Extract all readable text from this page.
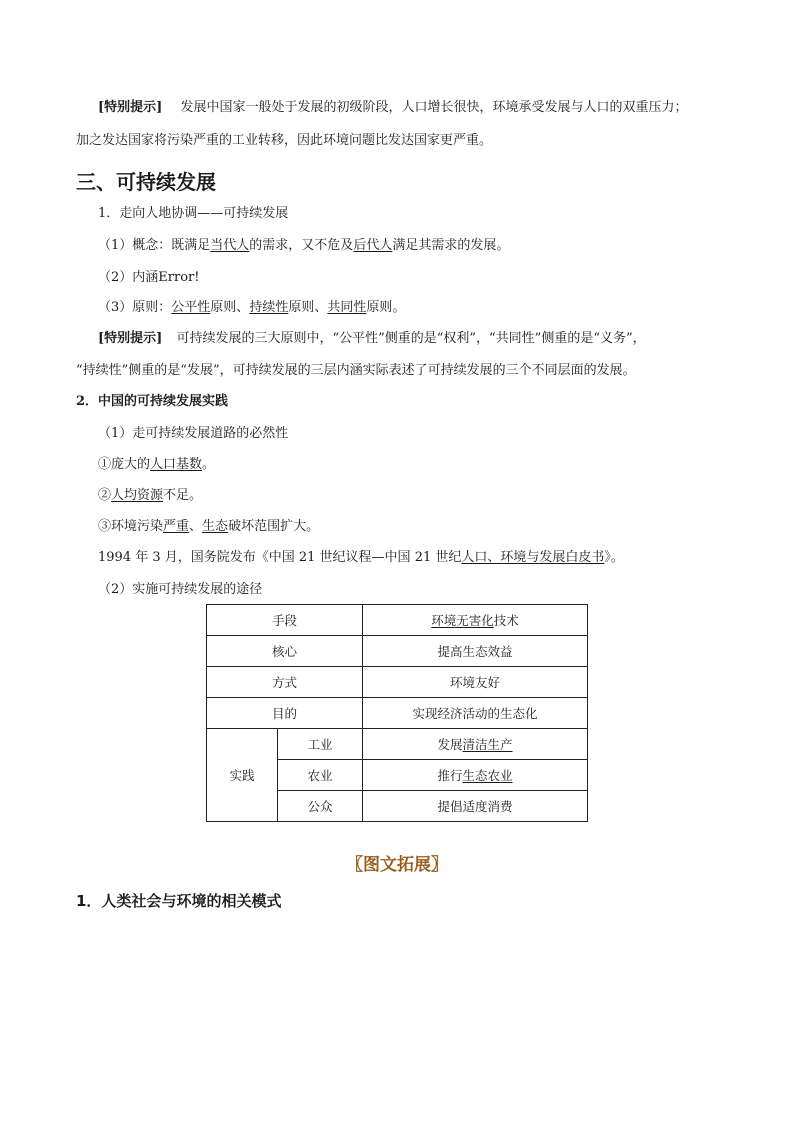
[特别提示] 发展中国家一般处于发展的初级阶段，人口增长很快，环境承受发展与人口的双重压力；
加之发达国家将污染严重的工业转移，因此环境问题比发达国家更严重。
三、可持续发展
1．走向人地协调——可持续发展
（1）概念：既满足当代人的需求，又不危及后代人满足其需求的发展。
（2）内涵Error!
（3）原则：公平性原则、持续性原则、共同性原则。
[特别提示] 可持续发展的三大原则中，“公平性”侧重的是“权利”，“共同性”侧重的是“义务”，
“持续性”侧重的是“发展”，可持续发展的三层内涵实际表述了可持续发展的三个不同层面的发展。
2．中国的可持续发展实践
（1）走可持续发展道路的必然性
①庞大的人口基数。
②人均资源不足。
③环境污染严重、生态破坏范围扩大。
1994 年 3 月，国务院发布《中国 21 世纪议程—中国 21 世纪人口、环境与发展白皮书》。
（2）实施可持续发展的途径
手段		环境无害化技术
核心		提高生态效益
方式		环境友好
目的		实现经济活动的生态化
实践	工业	发展清洁生产
	农业	推行生态农业
	公众	提倡适度消费
〖图文拓展〗
1．人类社会与环境的相关模式
